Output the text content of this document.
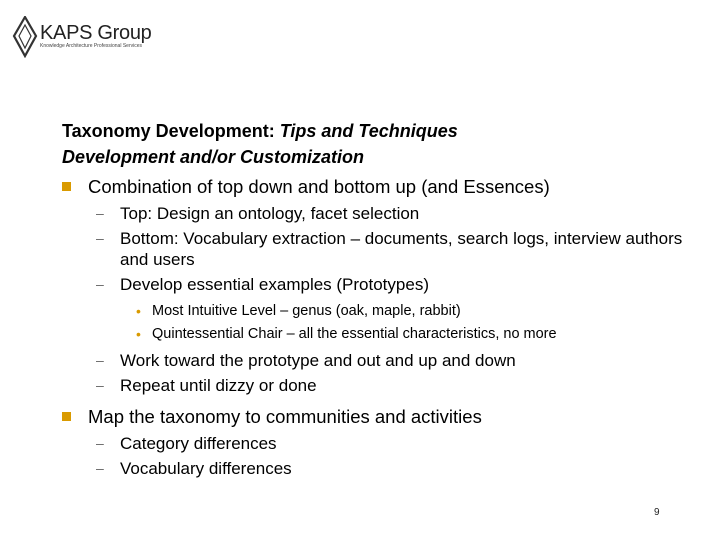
KAPS Group
Knowledge Architecture Professional Services
Taxonomy Development: Tips and Techniques
Development and/or Customization
Combination of top down and bottom up (and Essences)
– Top: Design an ontology, facet selection
– Bottom: Vocabulary extraction – documents, search logs, interview authors and users
– Develop essential examples (Prototypes)
• Most Intuitive Level – genus (oak, maple, rabbit)
• Quintessential Chair – all the essential characteristics, no more
– Work toward the prototype and out and up and down
– Repeat until dizzy or done
Map the taxonomy to communities and activities
– Category differences
– Vocabulary differences
9
